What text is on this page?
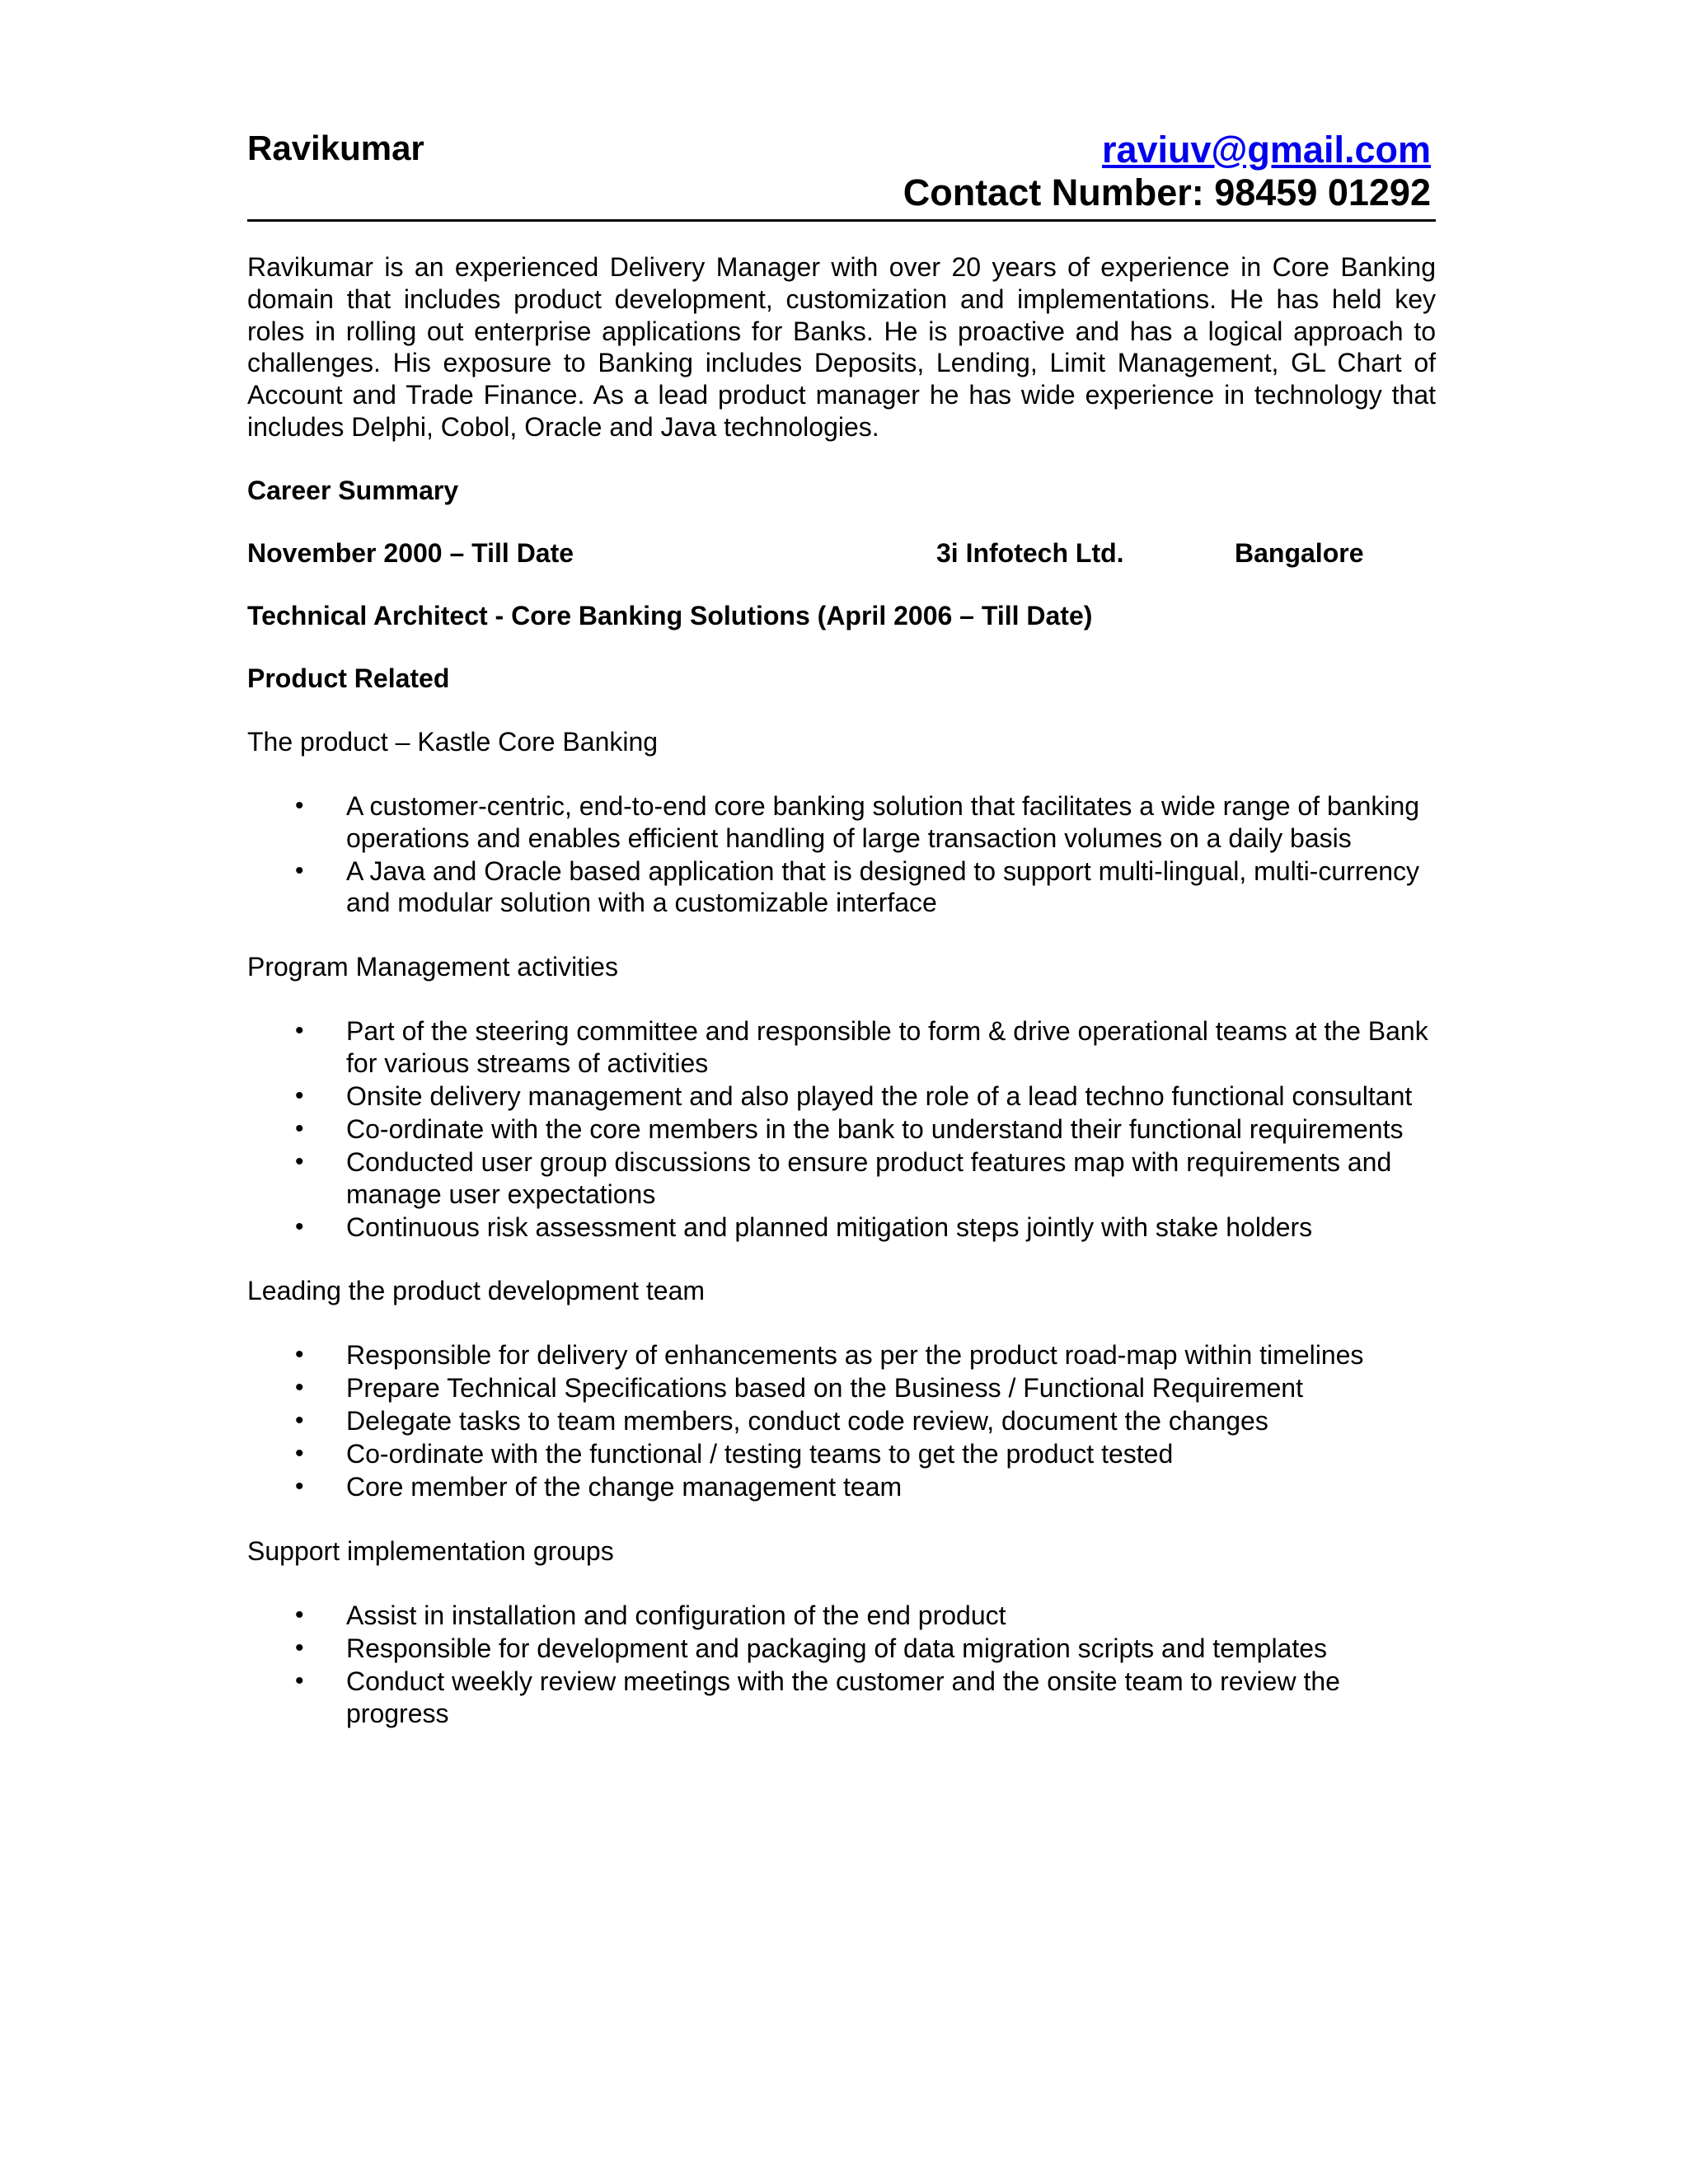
Ravikumar	raviuv@gmail.com
Contact Number: 98459 01292
Ravikumar is an experienced Delivery Manager with over 20 years of experience in Core Banking domain that includes product development, customization and implementations. He has held key roles in rolling out enterprise applications for Banks. He is proactive and has a logical approach to challenges. His exposure to Banking includes Deposits, Lending, Limit Management, GL Chart of Account and Trade Finance. As a lead product manager he has wide experience in technology that includes Delphi, Cobol, Oracle and Java technologies.
Career Summary
November 2000 – Till Date	3i Infotech Ltd.	Bangalore
Technical Architect - Core Banking Solutions (April 2006 – Till Date)
Product Related
The product – Kastle Core Banking
• A customer-centric, end-to-end core banking solution that facilitates a wide range of banking operations and enables efficient handling of large transaction volumes on a daily basis
• A Java and Oracle based application that is designed to support multi-lingual, multi-currency and modular solution with a customizable interface
Program Management activities
• Part of the steering committee and responsible to form & drive operational teams at the Bank for various streams of activities
• Onsite delivery management and also played the role of a lead techno functional consultant
• Co-ordinate with the core members in the bank to understand their functional requirements
• Conducted user group discussions to ensure product features map with requirements and manage user expectations
• Continuous risk assessment and planned mitigation steps jointly with stake holders
Leading the product development team
• Responsible for delivery of enhancements as per the product road-map within timelines
• Prepare Technical Specifications based on the Business / Functional Requirement
• Delegate tasks to team members, conduct code review, document the changes
• Co-ordinate with the functional / testing teams to get the product tested
• Core member of the change management team
Support implementation groups
• Assist in installation and configuration of the end product
• Responsible for development and packaging of data migration scripts and templates
• Conduct weekly review meetings with the customer and the onsite team to review the progress
